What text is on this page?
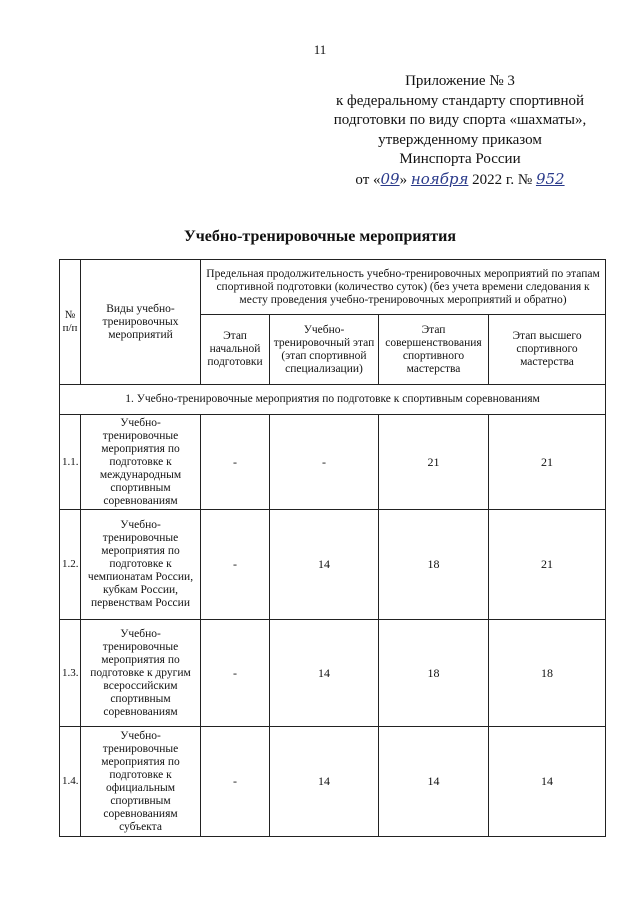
11
Приложение № 3
к федеральному стандарту спортивной
подготовки по виду спорта «шахматы»,
утвержденному приказом
Минспорта России
от «09» ноября 2022 г. № 952
Учебно-тренировочные мероприятия
№ п/п	Виды учебно-тренировочных мероприятий	Предельная продолжительность учебно-тренировочных мероприятий по этапам спортивной подготовки (количество суток) (без учета времени следования к месту проведения учебно-тренировочных мероприятий и обратно)			
		Этап начальной подготовки	Учебно-тренировочный этап (этап спортивной специализации)	Этап совершенствования спортивного мастерства	Этап высшего спортивного мастерства
1. Учебно-тренировочные мероприятия по подготовке к спортивным соревнованиям					
1.1.	Учебно-тренировочные мероприятия по подготовке к международным спортивным соревнованиям	-	-	21	21
1.2.	Учебно-тренировочные мероприятия по подготовке к чемпионатам России, кубкам России, первенствам России	-	14	18	21
1.3.	Учебно-тренировочные мероприятия по подготовке к другим всероссийским спортивным соревнованиям	-	14	18	18
1.4.	Учебно-тренировочные мероприятия по подготовке к официальным спортивным соревнованиям субъекта	-	14	14	14
